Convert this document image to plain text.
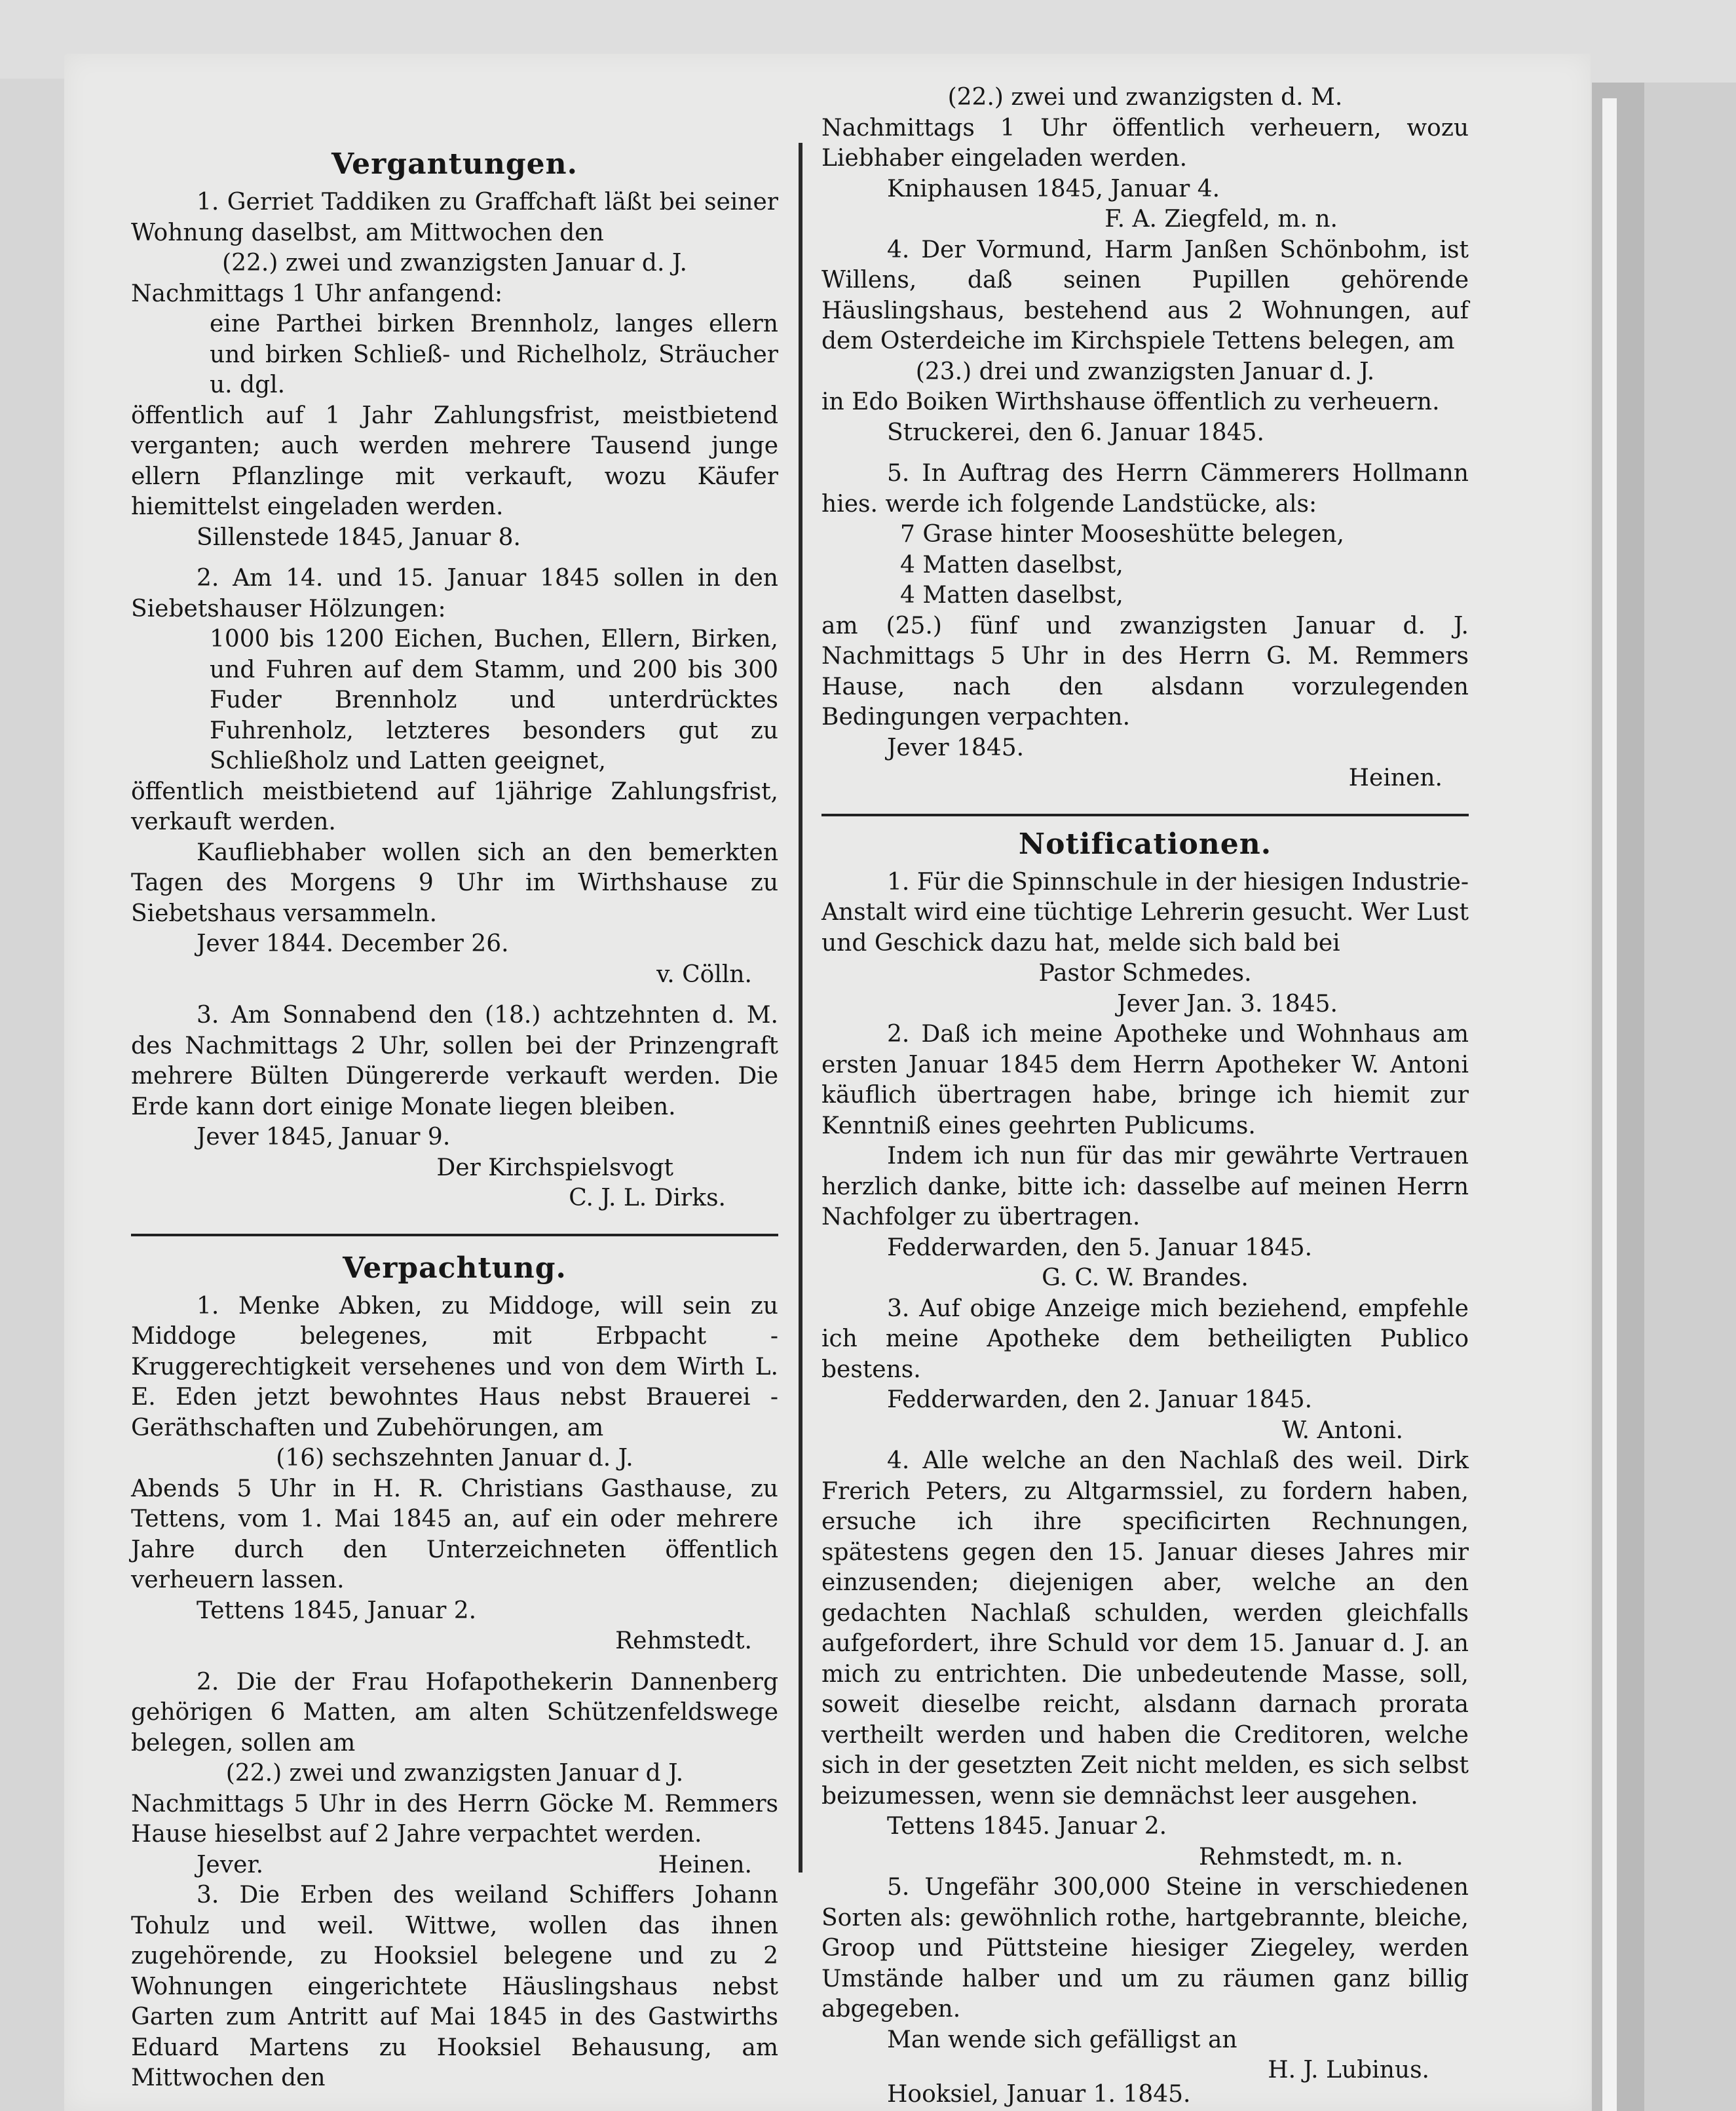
Vergantungen.

1. Gerriet Taddiken zu Graffchaft läßt bei seiner Wohnung daselbst, am Mittwochen den

(22.) zwei und zwanzigsten Januar d. J.

Nachmittags 1 Uhr anfangend:

eine Parthei birken Brennholz, langes ellern und birken Schließ- und Richelholz, Sträucher u. dgl.

öffentlich auf 1 Jahr Zahlungsfrist, meistbietend verganten; auch werden mehrere Tausend junge ellern Pflanzlinge mit verkauft, wozu Käufer hiemittelst eingeladen werden.

Sillenstede 1845, Januar 8.

2. Am 14. und 15. Januar 1845 sollen in den Siebetshauser Hölzungen:

1000 bis 1200 Eichen, Buchen, Ellern, Birken, und Fuhren auf dem Stamm, und 200 bis 300 Fuder Brennholz und unterdrücktes Fuhrenholz, letzteres besonders gut zu Schließholz und Latten geeignet,

öffentlich meistbietend auf 1jährige Zahlungsfrist, verkauft werden.

Kaufliebhaber wollen sich an den bemerkten Tagen des Morgens 9 Uhr im Wirthshause zu Siebetshaus versammeln.

Jever 1844. December 26.

v. Cölln.

3. Am Sonnabend den (18.) achtzehnten d. M. des Nachmittags 2 Uhr, sollen bei der Prinzengraft mehrere Bülten Düngererde verkauft werden. Die Erde kann dort einige Monate liegen bleiben.

Jever 1845, Januar 9.

Der Kirchspielsvogt

C. J. L. Dirks.

Verpachtung.

1. Menke Abken, zu Middoge, will sein zu Middoge belegenes, mit Erbpacht - Kruggerechtigkeit versehenes und von dem Wirth L. E. Eden jetzt bewohntes Haus nebst Brauerei - Geräthschaften und Zubehörungen, am

(16) sechszehnten Januar d. J.

Abends 5 Uhr in H. R. Christians Gasthause, zu Tettens, vom 1. Mai 1845 an, auf ein oder mehrere Jahre durch den Unterzeichneten öffentlich verheuern lassen.

Tettens 1845, Januar 2.

Rehmstedt.

2. Die der Frau Hofapothekerin Dannenberg gehörigen 6 Matten, am alten Schützenfeldswege belegen, sollen am

(22.) zwei und zwanzigsten Januar d J.

Nachmittags 5 Uhr in des Herrn Göcke M. Remmers Hause hieselbst auf 2 Jahre verpachtet werden.

Jever.	Heinen.

3. Die Erben des weiland Schiffers Johann Tohulz und weil. Wittwe, wollen das ihnen zugehörende, zu Hooksiel belegene und zu 2 Wohnungen eingerichtete Häuslingshaus nebst Garten zum Antritt auf Mai 1845 in des Gastwirths Eduard Martens zu Hooksiel Behausung, am Mittwochen den

(22.) zwei und zwanzigsten d. M.

Nachmittags 1 Uhr öffentlich verheuern, wozu Liebhaber eingeladen werden.

Kniphausen 1845, Januar 4.

F. A. Ziegfeld, m. n.

4. Der Vormund, Harm Janßen Schönbohm, ist Willens, daß seinen Pupillen gehörende Häuslingshaus, bestehend aus 2 Wohnungen, auf dem Osterdeiche im Kirchspiele Tettens belegen, am

(23.) drei und zwanzigsten Januar d. J.

in Edo Boiken Wirthshause öffentlich zu verheuern.

Struckerei, den 6. Januar 1845.

5. In Auftrag des Herrn Cämmerers Hollmann hies. werde ich folgende Landstücke, als:

7 Grase hinter Mooseshütte belegen,

4 Matten daselbst,

4 Matten daselbst,

am (25.) fünf und zwanzigsten Januar d. J. Nachmittags 5 Uhr in des Herrn G. M. Remmers Hause, nach den alsdann vorzulegenden Bedingungen verpachten.

Jever 1845.

Heinen.

Notificationen.

1. Für die Spinnschule in der hiesigen Industrie-Anstalt wird eine tüchtige Lehrerin gesucht. Wer Lust und Geschick dazu hat, melde sich bald bei

Pastor Schmedes.

Jever Jan. 3. 1845.

2. Daß ich meine Apotheke und Wohnhaus am ersten Januar 1845 dem Herrn Apotheker W. Antoni käuflich übertragen habe, bringe ich hiemit zur Kenntniß eines geehrten Publicums.

Indem ich nun für das mir gewährte Vertrauen herzlich danke, bitte ich: dasselbe auf meinen Herrn Nachfolger zu übertragen.

Fedderwarden, den 5. Januar 1845.

G. C. W. Brandes.

3. Auf obige Anzeige mich beziehend, empfehle ich meine Apotheke dem betheiligten Publico bestens.

Fedderwarden, den 2. Januar 1845.

W. Antoni.

4. Alle welche an den Nachlaß des weil. Dirk Frerich Peters, zu Altgarmssiel, zu fordern haben, ersuche ich ihre specificirten Rechnungen, spätestens gegen den 15. Januar dieses Jahres mir einzusenden; diejenigen aber, welche an den gedachten Nachlaß schulden, werden gleichfalls aufgefordert, ihre Schuld vor dem 15. Januar d. J. an mich zu entrichten. Die unbedeutende Masse, soll, soweit dieselbe reicht, alsdann darnach prorata vertheilt werden und haben die Creditoren, welche sich in der gesetzten Zeit nicht melden, es sich selbst beizumessen, wenn sie demnächst leer ausgehen.

Tettens 1845. Januar 2.

Rehmstedt, m. n.

5. Ungefähr 300,000 Steine in verschiedenen Sorten als: gewöhnlich rothe, hartgebrannte, bleiche, Groop und Püttsteine hiesiger Ziegeley, werden Umstände halber und um zu räumen ganz billig abgegeben.

Man wende sich gefälligst an

H. J. Lubinus.

Hooksiel, Januar 1. 1845.
